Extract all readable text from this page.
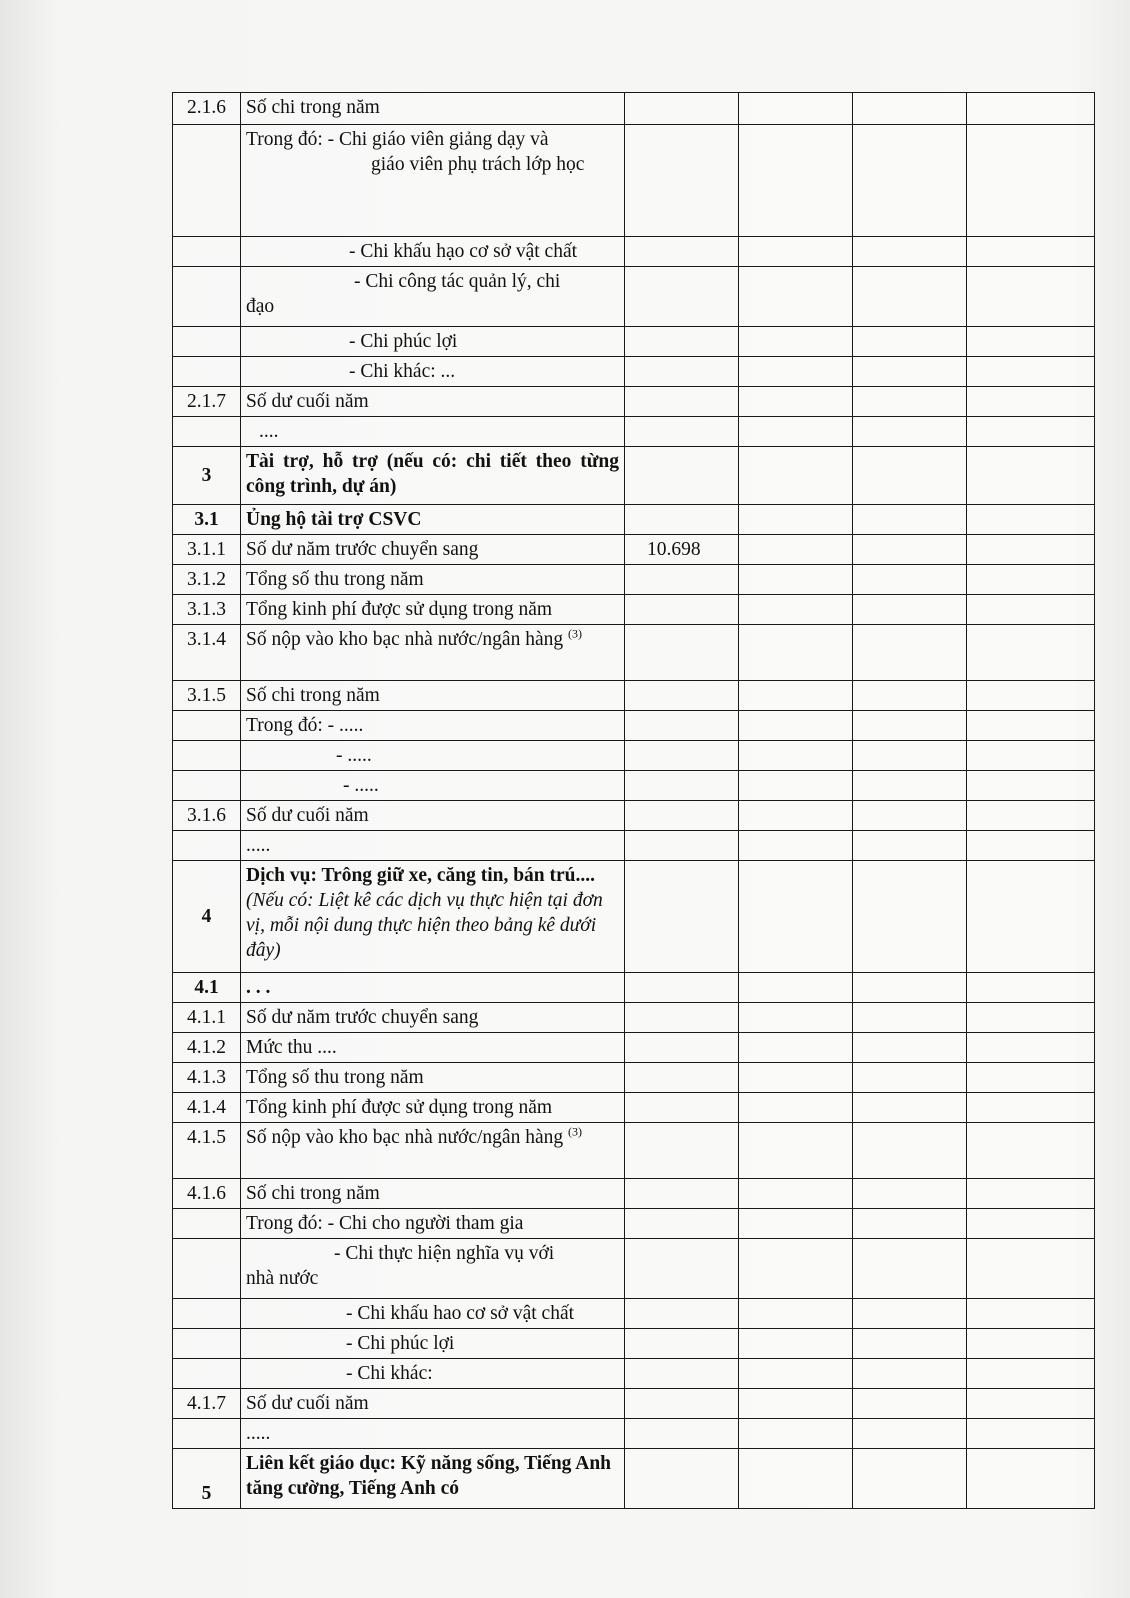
2.1.6	Số chi trong năm				

	Trong đó: - Chi giáo viên giảng dạy và
giáo viên phụ trách lớp học				

	- Chi khấu hạo cơ sở vật chất				

	- Chi công tác quản lý, chi
đạo				

	- Chi phúc lợi				
	- Chi khác: ...				
2.1.7	Số dư cuối năm				
	....				
3	Tài trợ, hỗ trợ (nếu có: chi tiết theo từng công trình, dự án)				
3.1	Ủng hộ tài trợ CSVC				
3.1.1	Số dư năm trước chuyển sang	10.698			
3.1.2	Tổng số thu trong năm				
3.1.3	Tổng kinh phí được sử dụng trong năm				
3.1.4	Số nộp vào kho bạc nhà nước/ngân hàng $^{(3)}$				
3.1.5	Số chi trong năm				
	Trong đó: - .....				
	- .....				
	- .....				
3.1.6	Số dư cuối năm				
	.....				
4	Dịch vụ: Trông giữ xe, căng tin, bán trú.... (Nếu có: Liệt kê các dịch vụ thực hiện tại đơn vị, mỗi nội dung thực hiện theo bảng kê dưới đây)				
4.1	. . .				
4.1.1	Số dư năm trước chuyển sang				
4.1.2	Mức thu ....				
4.1.3	Tổng số thu trong năm				
4.1.4	Tổng kinh phí được sử dụng trong năm				
4.1.5	Số nộp vào kho bạc nhà nước/ngân hàng $^{(3)}$				
4.1.6	Số chi trong năm				
	Trong đó: - Chi cho người tham gia				

	- Chi thực hiện nghĩa vụ với
nhà nước				

	- Chi khấu hao cơ sở vật chất				
	- Chi phúc lợi				
	- Chi khác:				
4.1.7	Số dư cuối năm				
	.....				
5	Liên kết giáo dục: Kỹ năng sống, Tiếng Anh tăng cường, Tiếng Anh có				
